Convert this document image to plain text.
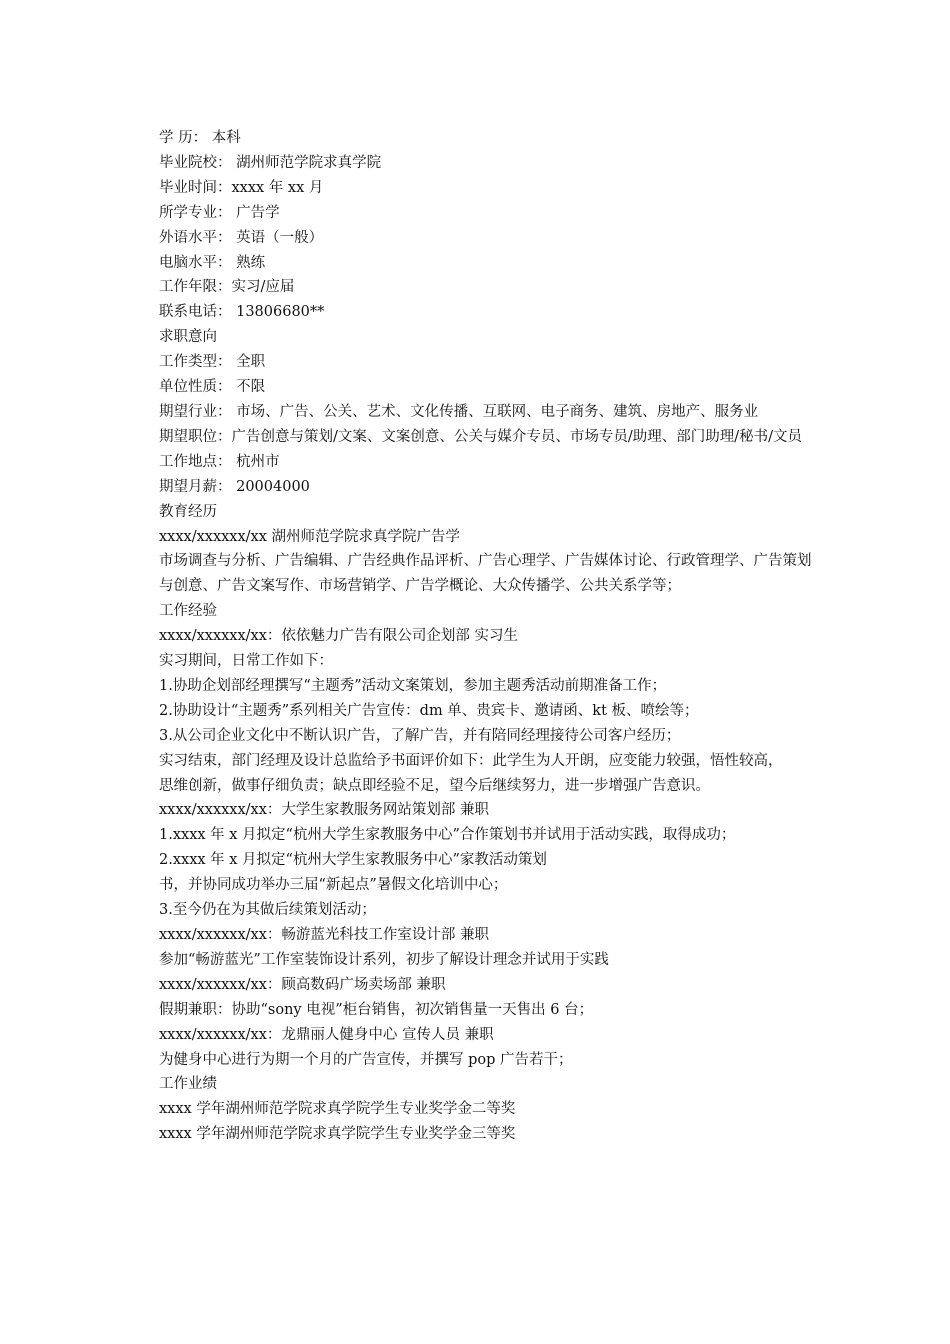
学 历： 本科

毕业院校： 湖州师范学院求真学院

毕业时间：xxxx 年 xx 月

所学专业： 广告学

外语水平： 英语（一般）

电脑水平： 熟练

工作年限：实习/应届

联系电话： 13806680**

求职意向

工作类型： 全职

单位性质： 不限

期望行业： 市场、广告、公关、艺术、文化传播、互联网、电子商务、建筑、房地产、服务业

期望职位：广告创意与策划/文案、文案创意、公关与媒介专员、市场专员/助理、部门助理/秘书/文员

工作地点： 杭州市

期望月薪： 20004000

教育经历

xxxx/xxxxxx/xx 湖州师范学院求真学院广告学

市场调查与分析、广告编辑、广告经典作品评析、广告心理学、广告媒体讨论、行政管理学、广告策划与创意、广告文案写作、市场营销学、广告学概论、大众传播学、公共关系学等；

工作经验

xxxx/xxxxxx/xx：依依魅力广告有限公司企划部 实习生

实习期间，日常工作如下：

1.协助企划部经理撰写“主题秀”活动文案策划，参加主题秀活动前期准备工作；

2.协助设计“主题秀”系列相关广告宣传：dm 单、贵宾卡、邀请函、kt 板、喷绘等；

3.从公司企业文化中不断认识广告，了解广告，并有陪同经理接待公司客户经历；

实习结束，部门经理及设计总监给予书面评价如下：此学生为人开朗，应变能力较强，悟性较高，

思维创新，做事仔细负责；缺点即经验不足，望今后继续努力，进一步增强广告意识。

xxxx/xxxxxx/xx：大学生家教服务网站策划部 兼职

1.xxxx 年 x 月拟定“杭州大学生家教服务中心”合作策划书并试用于活动实践，取得成功；

2.xxxx 年 x 月拟定“杭州大学生家教服务中心”家教活动策划

书，并协同成功举办三届“新起点”暑假文化培训中心；

3.至今仍在为其做后续策划活动；

xxxx/xxxxxx/xx：畅游蓝光科技工作室设计部 兼职

参加“畅游蓝光”工作室装饰设计系列，初步了解设计理念并试用于实践

xxxx/xxxxxx/xx：顾高数码广场卖场部 兼职

假期兼职：协助“sony 电视”柜台销售，初次销售量一天售出 6 台；

xxxx/xxxxxx/xx：龙鼎丽人健身中心 宣传人员 兼职

为健身中心进行为期一个月的广告宣传，并撰写 pop 广告若干；

工作业绩

xxxx 学年湖州师范学院求真学院学生专业奖学金二等奖

xxxx 学年湖州师范学院求真学院学生专业奖学金三等奖
